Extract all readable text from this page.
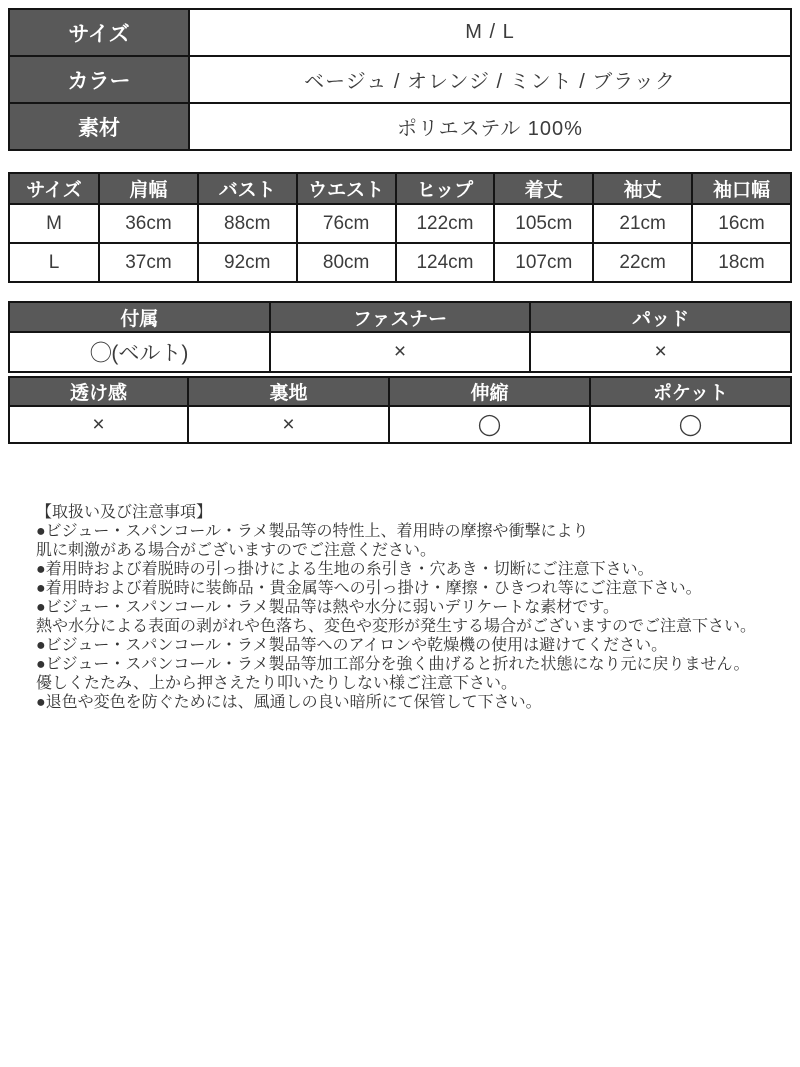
サイズ	M / L
カラー	ベージュ / オレンジ / ミント / ブラック
素材	ポリエステル 100%
サイズ	肩幅	バスト	ウエスト	ヒップ	着丈	袖丈	袖口幅
M	36cm	88cm	76cm	122cm	105cm	21cm	16cm
L	37cm	92cm	80cm	124cm	107cm	22cm	18cm
付属	ファスナー	パッド
◯(ベルト)	×	×
透け感	裏地	伸縮	ポケット
×	×	◯	◯
【取扱い及び注意事項】
●ビジュー・スパンコール・ラメ製品等の特性上、着用時の摩擦や衝撃により
肌に刺激がある場合がございますのでご注意ください。
●着用時および着脱時の引っ掛けによる生地の糸引き・穴あき・切断にご注意下さい。
●着用時および着脱時に装飾品・貴金属等への引っ掛け・摩擦・ひきつれ等にご注意下さい。
●ビジュー・スパンコール・ラメ製品等は熱や水分に弱いデリケートな素材です。
熱や水分による表面の剥がれや色落ち、変色や変形が発生する場合がございますのでご注意下さい。
●ビジュー・スパンコール・ラメ製品等へのアイロンや乾燥機の使用は避けてください。
●ビジュー・スパンコール・ラメ製品等加工部分を強く曲げると折れた状態になり元に戻りません。
優しくたたみ、上から押さえたり叩いたりしない様ご注意下さい。
●退色や変色を防ぐためには、風通しの良い暗所にて保管して下さい。
